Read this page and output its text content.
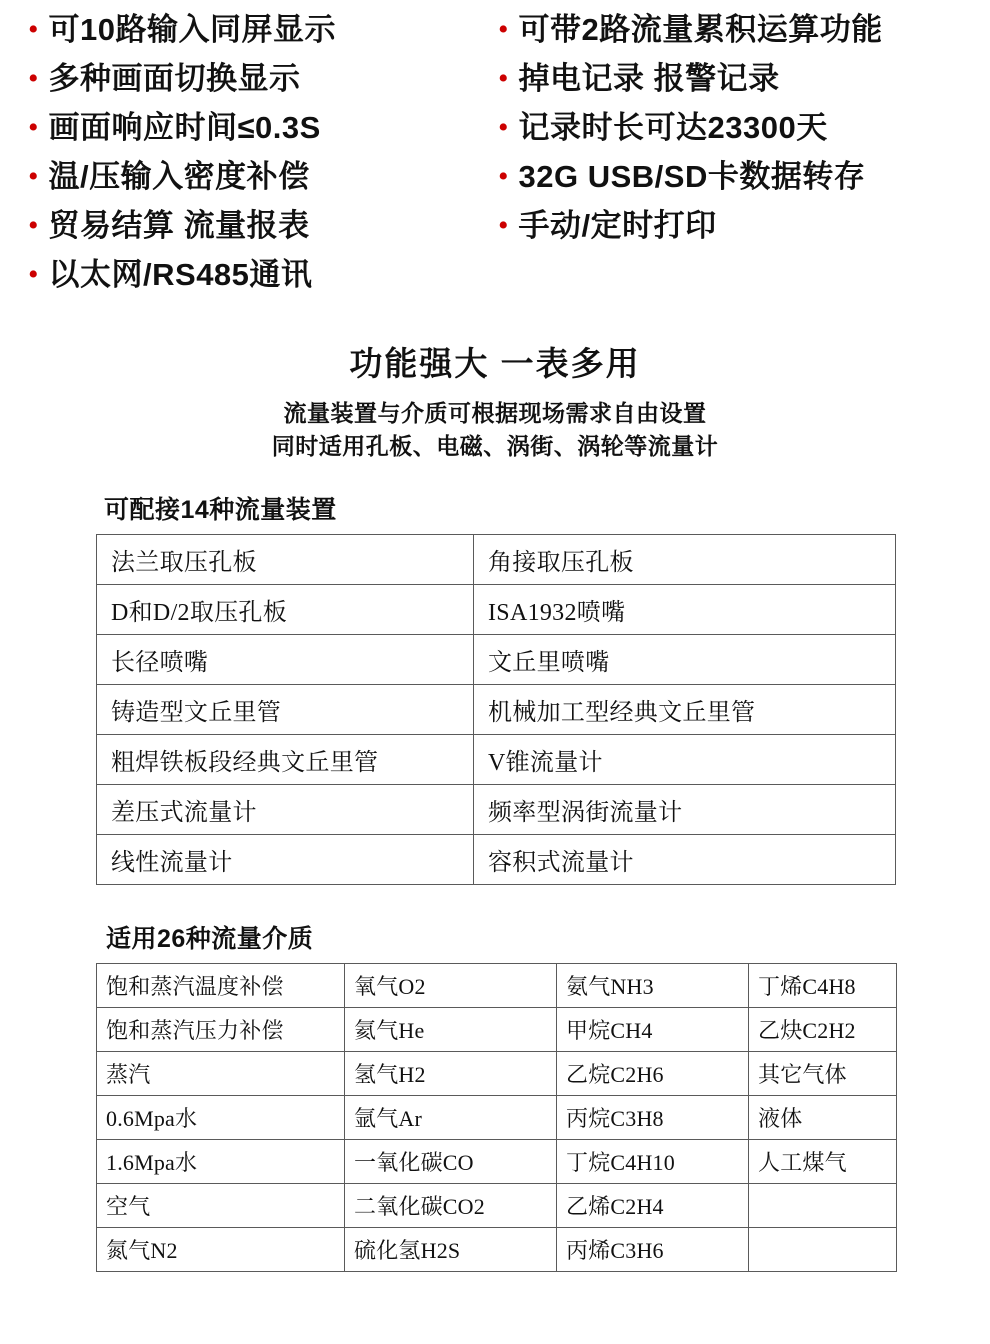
• 可10路输入同屏显示
• 多种画面切换显示
• 画面响应时间≤0.3S
• 温/压输入密度补偿
• 贸易结算 流量报表
• 以太网/RS485通讯
• 可带2路流量累积运算功能
• 掉电记录 报警记录
• 记录时长可达23300天
• 32G USB/SD卡数据转存
• 手动/定时打印
功能强大 一表多用
流量装置与介质可根据现场需求自由设置
同时适用孔板、电磁、涡街、涡轮等流量计
可配接14种流量装置
法兰取压孔板	角接取压孔板
D和D/2取压孔板	ISA1932喷嘴
长径喷嘴	文丘里喷嘴
铸造型文丘里管	机械加工型经典文丘里管
粗焊铁板段经典文丘里管	V锥流量计
差压式流量计	频率型涡街流量计
线性流量计	容积式流量计
适用26种流量介质
饱和蒸汽温度补偿	氧气O2	氨气NH3	丁烯C4H8
饱和蒸汽压力补偿	氦气He	甲烷CH4	乙炔C2H2
蒸汽	氢气H2	乙烷C2H6	其它气体
0.6Mpa水	氩气Ar	丙烷C3H8	液体
1.6Mpa水	一氧化碳CO	丁烷C4H10	人工煤气
空气	二氧化碳CO2	乙烯C2H4	
氮气N2	硫化氢H2S	丙烯C3H6	
